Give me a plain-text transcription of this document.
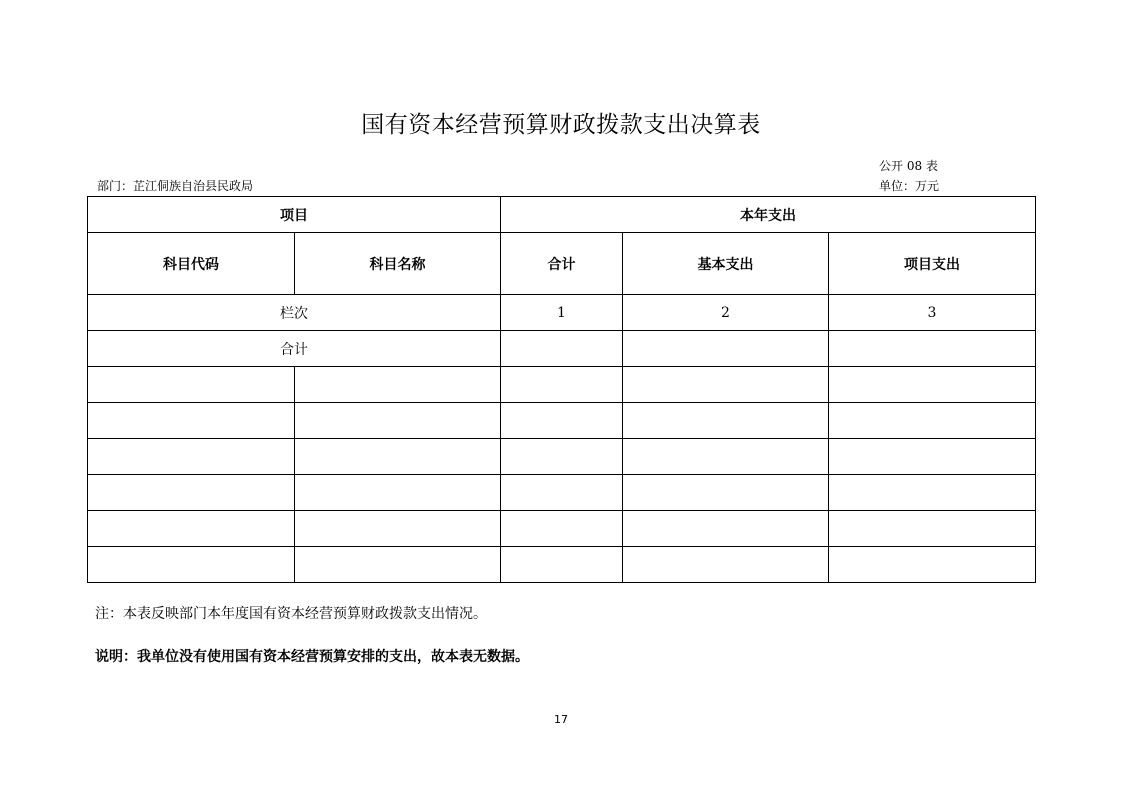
国有资本经营预算财政拨款支出决算表
公开 08 表
部门：芷江侗族自治县民政局	单位：万元
项目		本年支出		
科目代码	科目名称	合计	基本支出	项目支出
栏次		1	2	3
合计				

注：本表反映部门本年度国有资本经营预算财政拨款支出情况。
说明：我单位没有使用国有资本经营预算安排的支出，故本表无数据。
17
